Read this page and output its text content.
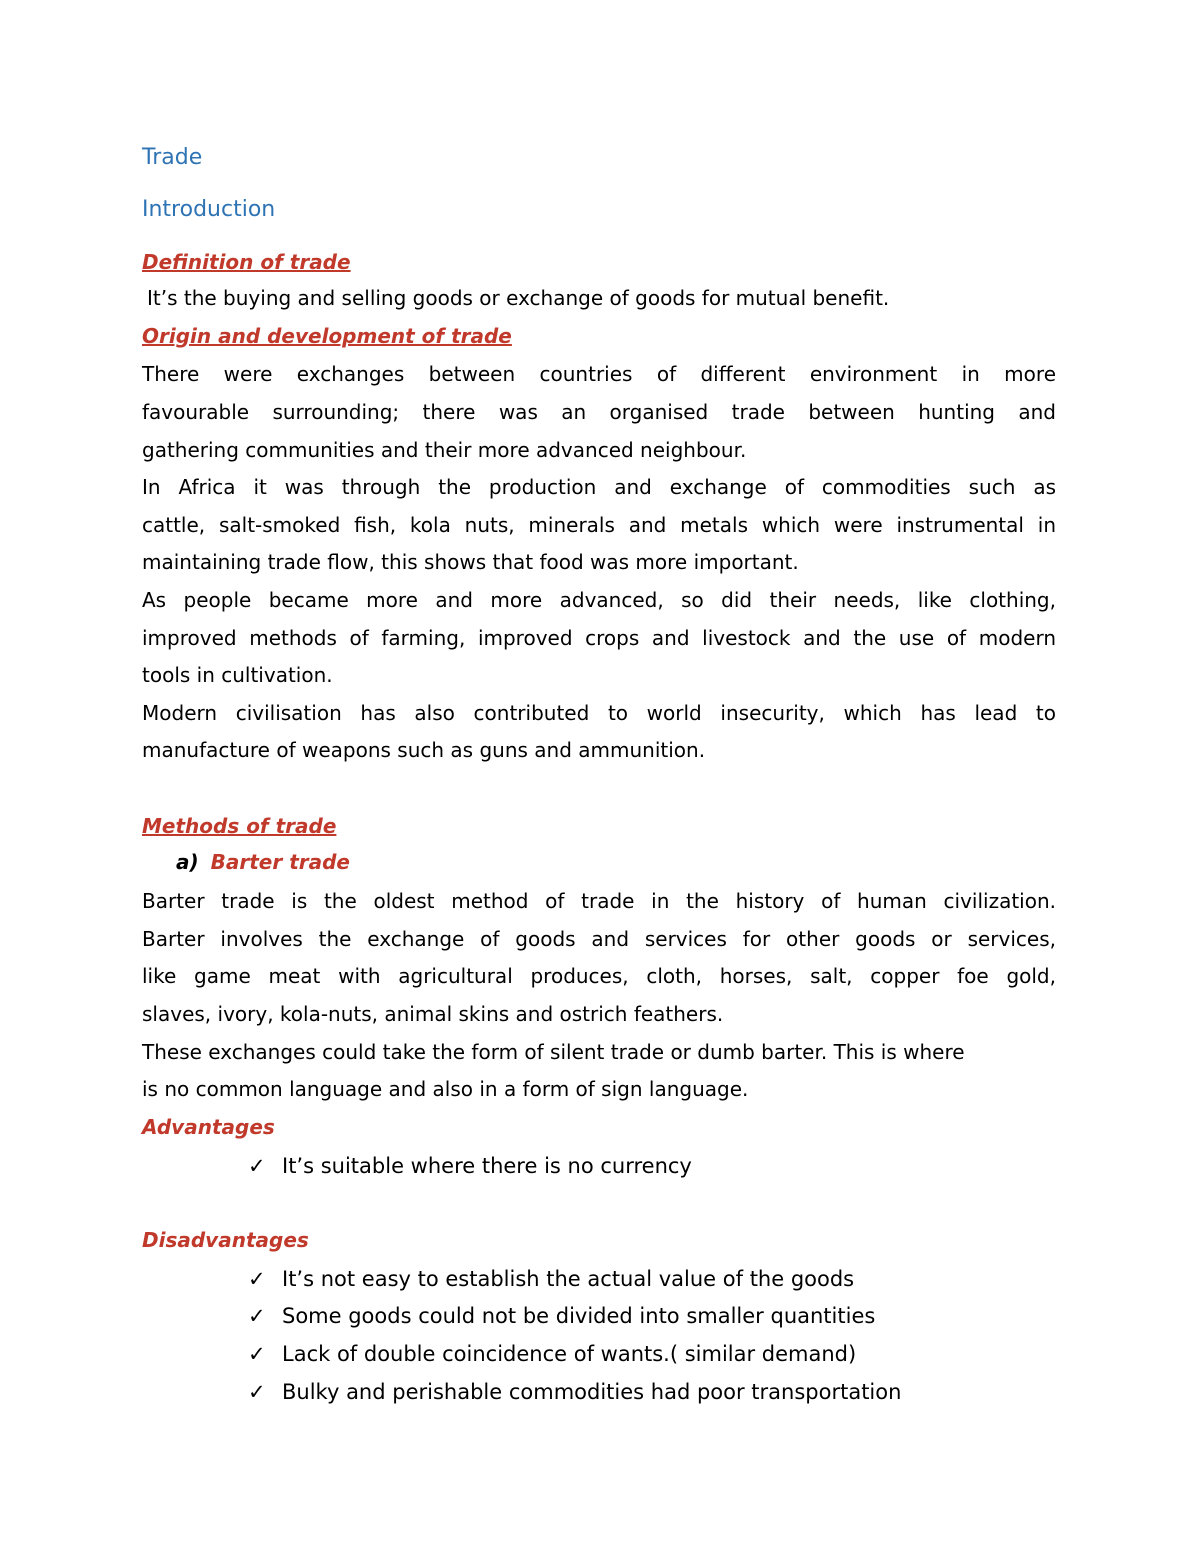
Trade
Introduction
Definition of trade
It’s the buying and selling goods or exchange of goods for mutual benefit.
Origin and development of trade
There were exchanges between countries of different environment in more
favourable surrounding; there was an organised trade between hunting and
gathering communities and their more advanced neighbour.
In Africa it was through the production and exchange of commodities such as
cattle, salt-smoked fish, kola nuts, minerals and metals which were instrumental in
maintaining trade flow, this shows that food was more important.
As people became more and more advanced, so did their needs, like clothing,
improved methods of farming, improved crops and livestock and the use of modern
tools in cultivation.
Modern civilisation has also contributed to world insecurity, which has lead to
manufacture of weapons such as guns and ammunition.
Methods of trade
a) Barter trade
Barter trade is the oldest method of trade in the history of human civilization.
Barter involves the exchange of goods and services for other goods or services,
like game meat with agricultural produces, cloth, horses, salt, copper foe gold,
slaves, ivory, kola-nuts, animal skins and ostrich feathers.
These exchanges could take the form of silent trade or dumb barter. This is where
is no common language and also in a form of sign language.
Advantages
✓ It’s suitable where there is no currency
Disadvantages
✓ It’s not easy to establish the actual value of the goods
✓ Some goods could not be divided into smaller quantities
✓ Lack of double coincidence of wants.( similar demand)
✓ Bulky and perishable commodities had poor transportation
